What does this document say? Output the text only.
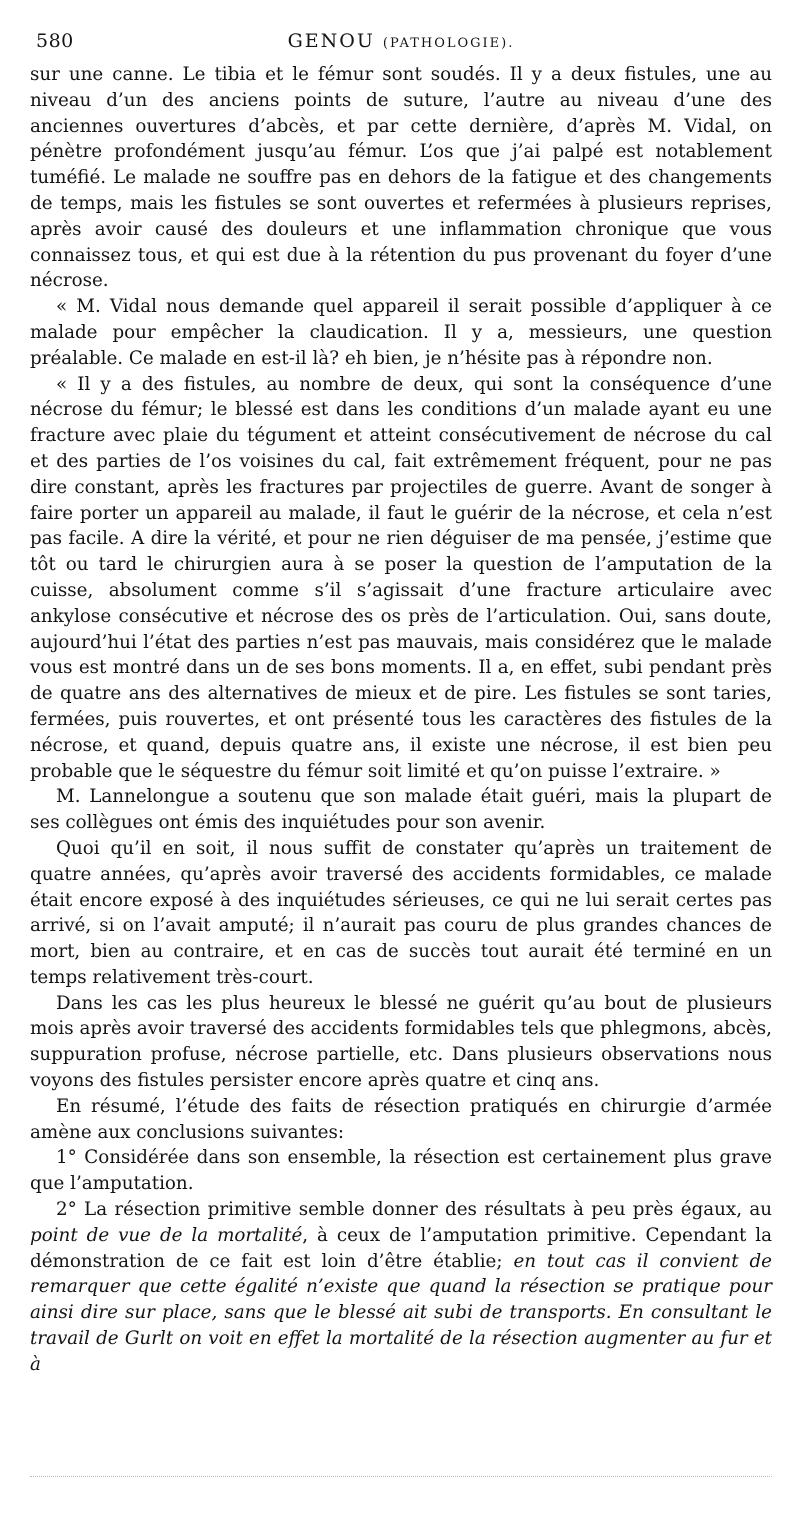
580	GENOU (PATHOLOGIE).

sur une canne. Le tibia et le fémur sont soudés. Il y a deux fistules, une au niveau d’un des anciens points de suture, l’autre au niveau d’une des anciennes ouvertures d’abcès, et par cette dernière, d’après M. Vidal, on pénètre profondément jusqu’au fémur. L’os que j’ai palpé est notablement tuméfié. Le malade ne souffre pas en dehors de la fatigue et des changements de temps, mais les fistules se sont ouvertes et refermées à plusieurs reprises, après avoir causé des douleurs et une inflammation chronique que vous connaissez tous, et qui est due à la rétention du pus provenant du foyer d’une nécrose.

« M. Vidal nous demande quel appareil il serait possible d’appliquer à ce malade pour empêcher la claudication. Il y a, messieurs, une question préalable. Ce malade en est-il là? eh bien, je n’hésite pas à répondre non.

« Il y a des fistules, au nombre de deux, qui sont la conséquence d’une nécrose du fémur; le blessé est dans les conditions d’un malade ayant eu une fracture avec plaie du tégument et atteint consécutivement de nécrose du cal et des parties de l’os voisines du cal, fait extrêmement fréquent, pour ne pas dire constant, après les fractures par projectiles de guerre. Avant de songer à faire porter un appareil au malade, il faut le guérir de la nécrose, et cela n’est pas facile. A dire la vérité, et pour ne rien déguiser de ma pensée, j’estime que tôt ou tard le chirurgien aura à se poser la question de l’amputation de la cuisse, absolument comme s’il s’agissait d’une fracture articulaire avec ankylose consécutive et nécrose des os près de l’articulation. Oui, sans doute, aujourd’hui l’état des parties n’est pas mauvais, mais considérez que le malade vous est montré dans un de ses bons moments. Il a, en effet, subi pendant près de quatre ans des alternatives de mieux et de pire. Les fistules se sont taries, fermées, puis rouvertes, et ont présenté tous les caractères des fistules de la nécrose, et quand, depuis quatre ans, il existe une nécrose, il est bien peu probable que le séquestre du fémur soit limité et qu’on puisse l’extraire. »

M. Lannelongue a soutenu que son malade était guéri, mais la plupart de ses collègues ont émis des inquiétudes pour son avenir.

Quoi qu’il en soit, il nous suffit de constater qu’après un traitement de quatre années, qu’après avoir traversé des accidents formidables, ce malade était encore exposé à des inquiétudes sérieuses, ce qui ne lui serait certes pas arrivé, si on l’avait amputé; il n’aurait pas couru de plus grandes chances de mort, bien au contraire, et en cas de succès tout aurait été terminé en un temps relativement très-court.

Dans les cas les plus heureux le blessé ne guérit qu’au bout de plusieurs mois après avoir traversé des accidents formidables tels que phlegmons, abcès, suppuration profuse, nécrose partielle, etc. Dans plusieurs observations nous voyons des fistules persister encore après quatre et cinq ans.

En résumé, l’étude des faits de résection pratiqués en chirurgie d’armée amène aux conclusions suivantes:

1° Considérée dans son ensemble, la résection est certainement plus grave que l’amputation.

2° La résection primitive semble donner des résultats à peu près égaux, au point de vue de la mortalité, à ceux de l’amputation primitive. Cependant la démonstration de ce fait est loin d’être établie; en tout cas il convient de remarquer que cette égalité n’existe que quand la résection se pratique pour ainsi dire sur place, sans que le blessé ait subi de transports. En consultant le travail de Gurlt on voit en effet la mortalité de la résection augmenter au fur et à
